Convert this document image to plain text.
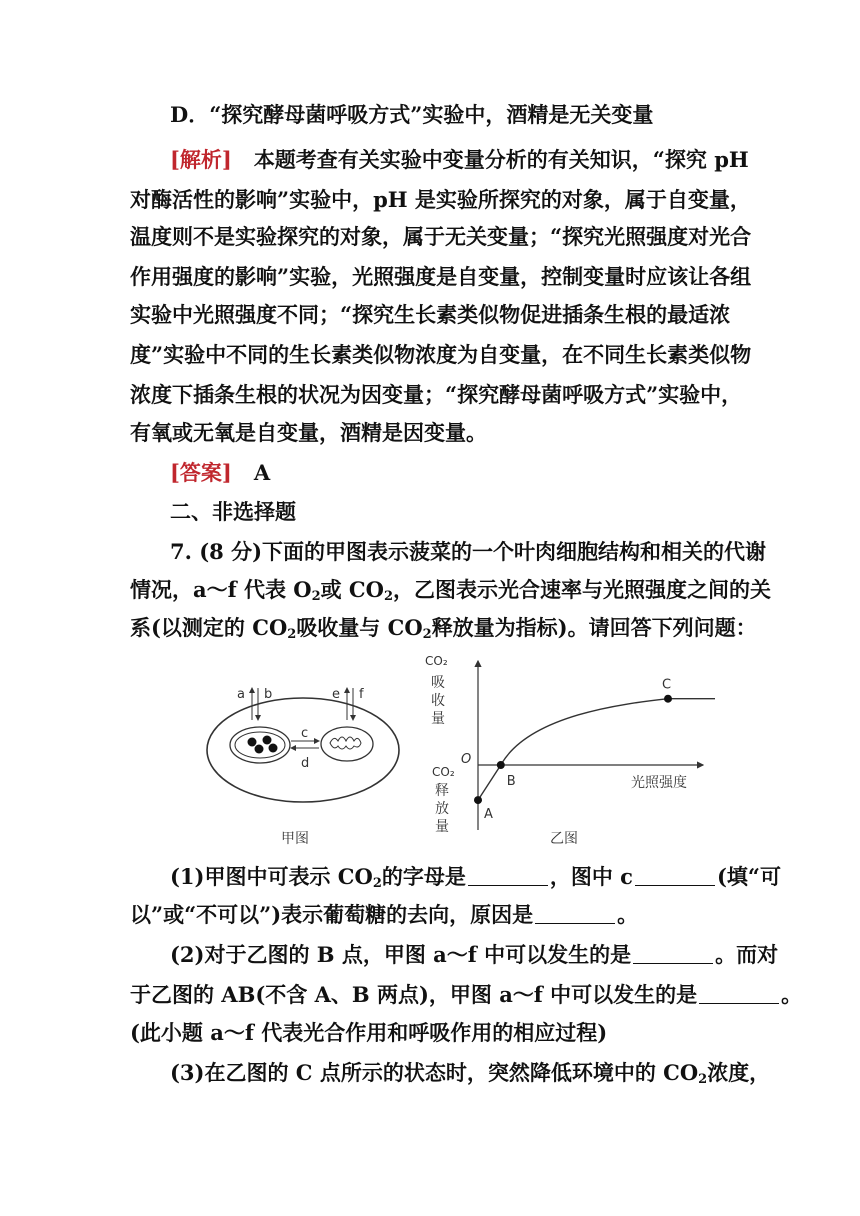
D．“探究酵母菌呼吸方式”实验中，酒精是无关变量
[解析] 本题考查有关实验中变量分析的有关知识，“探究 pH
对酶活性的影响”实验中，pH 是实验所探究的对象，属于自变量，
温度则不是实验探究的对象，属于无关变量；“探究光照强度对光合
作用强度的影响”实验，光照强度是自变量，控制变量时应该让各组
实验中光照强度不同；“探究生长素类似物促进插条生根的最适浓
度”实验中不同的生长素类似物浓度为自变量，在不同生长素类似物
浓度下插条生根的状况为因变量；“探究酵母菌呼吸方式”实验中，
有氧或无氧是自变量，酒精是因变量。
[答案] A
二、非选择题
7. (8 分)下面的甲图表示菠菜的一个叶肉细胞结构和相关的代谢
情况，a～f 代表 $O_2$或 $CO_2$，乙图表示光合速率与光照强度之间的关
系(以测定的 $CO_2$吸收量与 $CO_2$释放量为指标)。请回答下列问题：
c
d
a b	e f
甲图
CO₂
吸
收
量
CO₂
释
放
量
O
光照强度
A
B
C
乙图
(1)甲图中可表示 $CO_2$的字母是	，图中 c	(填“可
以”或“不可以”)表示葡萄糖的去向，原因是	。
(2)对于乙图的 B 点，甲图 a～f 中可以发生的是	。而对
于乙图的 AB(不含 A、B 两点)，甲图 a～f 中可以发生的是	。
(此小题 a～f 代表光合作用和呼吸作用的相应过程)
(3)在乙图的 C 点所示的状态时，突然降低环境中的 $CO_2$浓度，
